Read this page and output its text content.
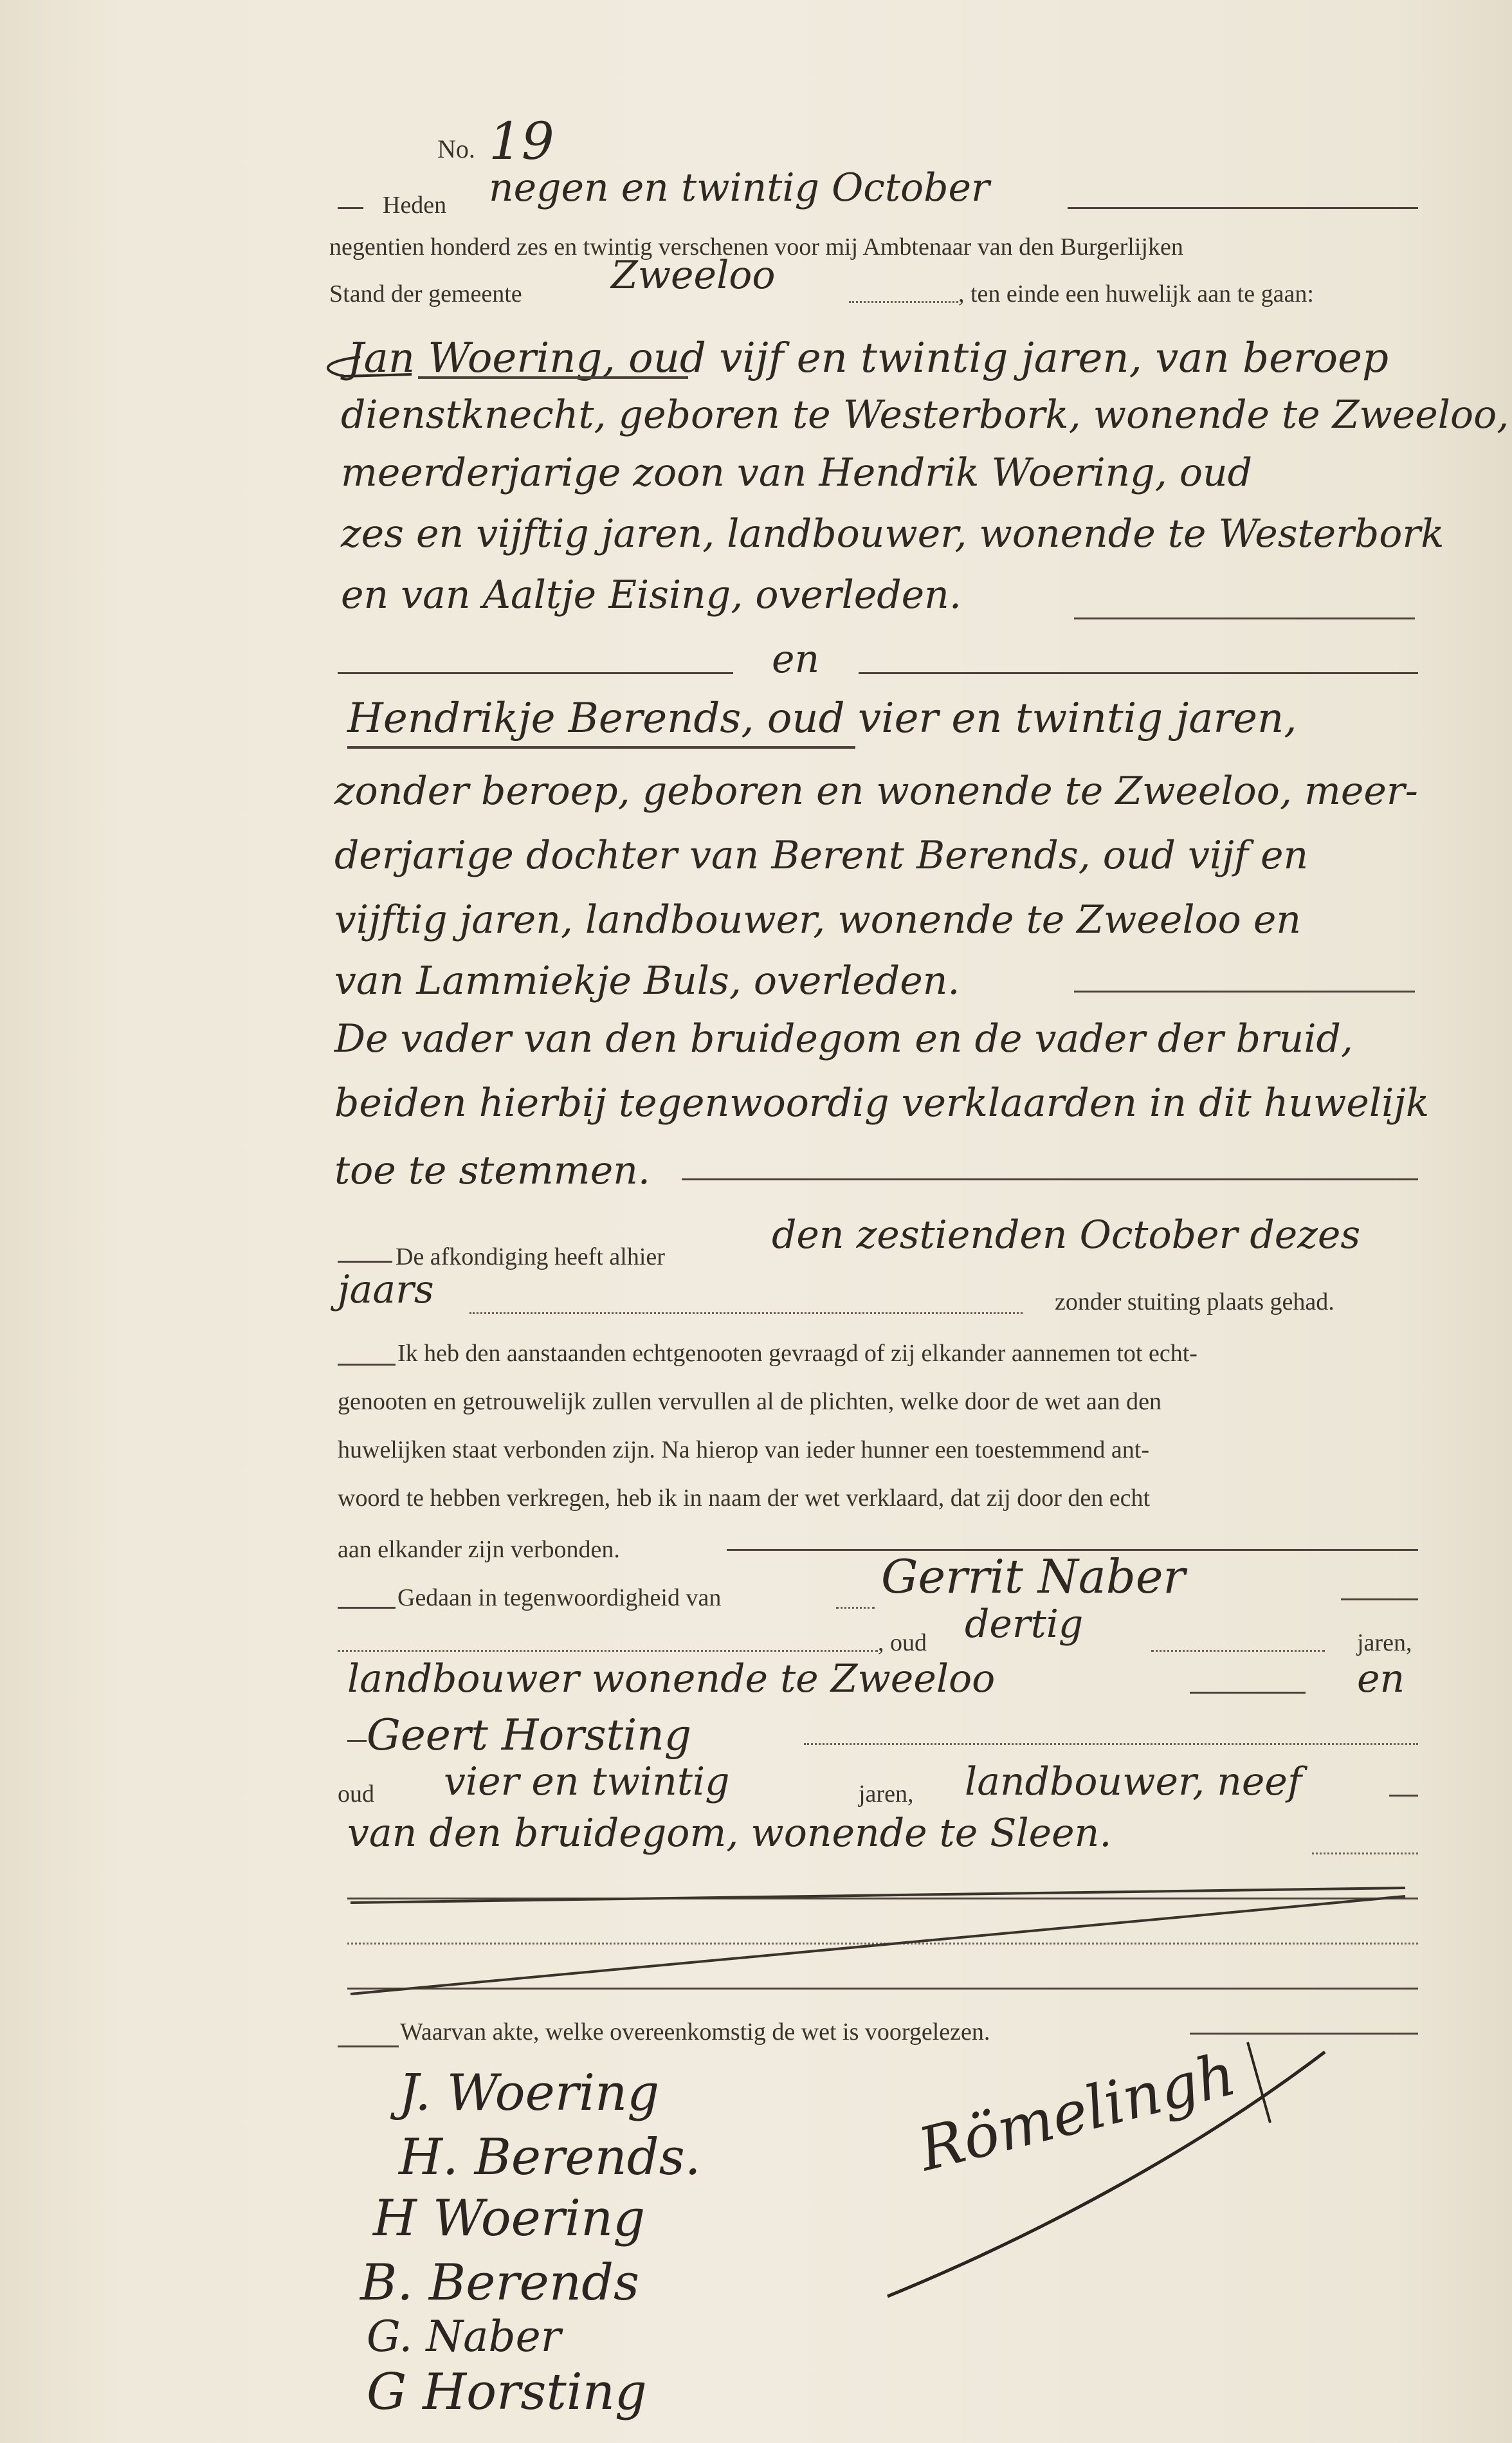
No. 19
Heden negen en twintig October
negentien honderd zes en twintig verschenen voor mij Ambtenaar van den Burgerlijken
Stand der gemeente Zweeloo	, ten einde een huwelijk aan te gaan:
Jan Woering, oud vijf en twintig jaren, van beroep
dienstknecht, geboren te Westerbork, wonende te Zweeloo,
meerderjarige zoon van Hendrik Woering, oud
zes en vijftig jaren, landbouwer, wonende te Westerbork
en van Aaltje Eising, overleden.
en
Hendrikje Berends, oud vier en twintig jaren,
zonder beroep, geboren en wonende te Zweeloo, meer-
derjarige dochter van Berent Berends, oud vijf en
vijftig jaren, landbouwer, wonende te Zweeloo en
van Lammiekje Buls, overleden.
De vader van den bruidegom en de vader der bruid,
beiden hierbij tegenwoordig verklaarden in dit huwelijk
toe te stemmen.
De afkondiging heeft alhier	den zestienden October dezes
jaars	zonder stuiting plaats gehad.
Ik heb den aanstaanden echtgenooten gevraagd of zij elkander aannemen tot echt-
genooten en getrouwelijk zullen vervullen al de plichten, welke door de wet aan den
huwelijken staat verbonden zijn. Na hierop van ieder hunner een toestemmend ant-
woord te hebben verkregen, heb ik in naam der wet verklaard, dat zij door den echt
aan elkander zijn verbonden.
Gedaan in tegenwoordigheid van	Gerrit Naber
, oud dertig	jaren,
landbouwer wonende te Zweeloo	en
Geert Horsting
oud vier en twintig	jaren, landbouwer, neef
van den bruidegom, wonende te Sleen.
Waarvan akte, welke overeenkomstig de wet is voorgelezen.
J. Woering
H. Berends.
H Woering
B. Berends
G. Naber
G Horsting
Römelingh
